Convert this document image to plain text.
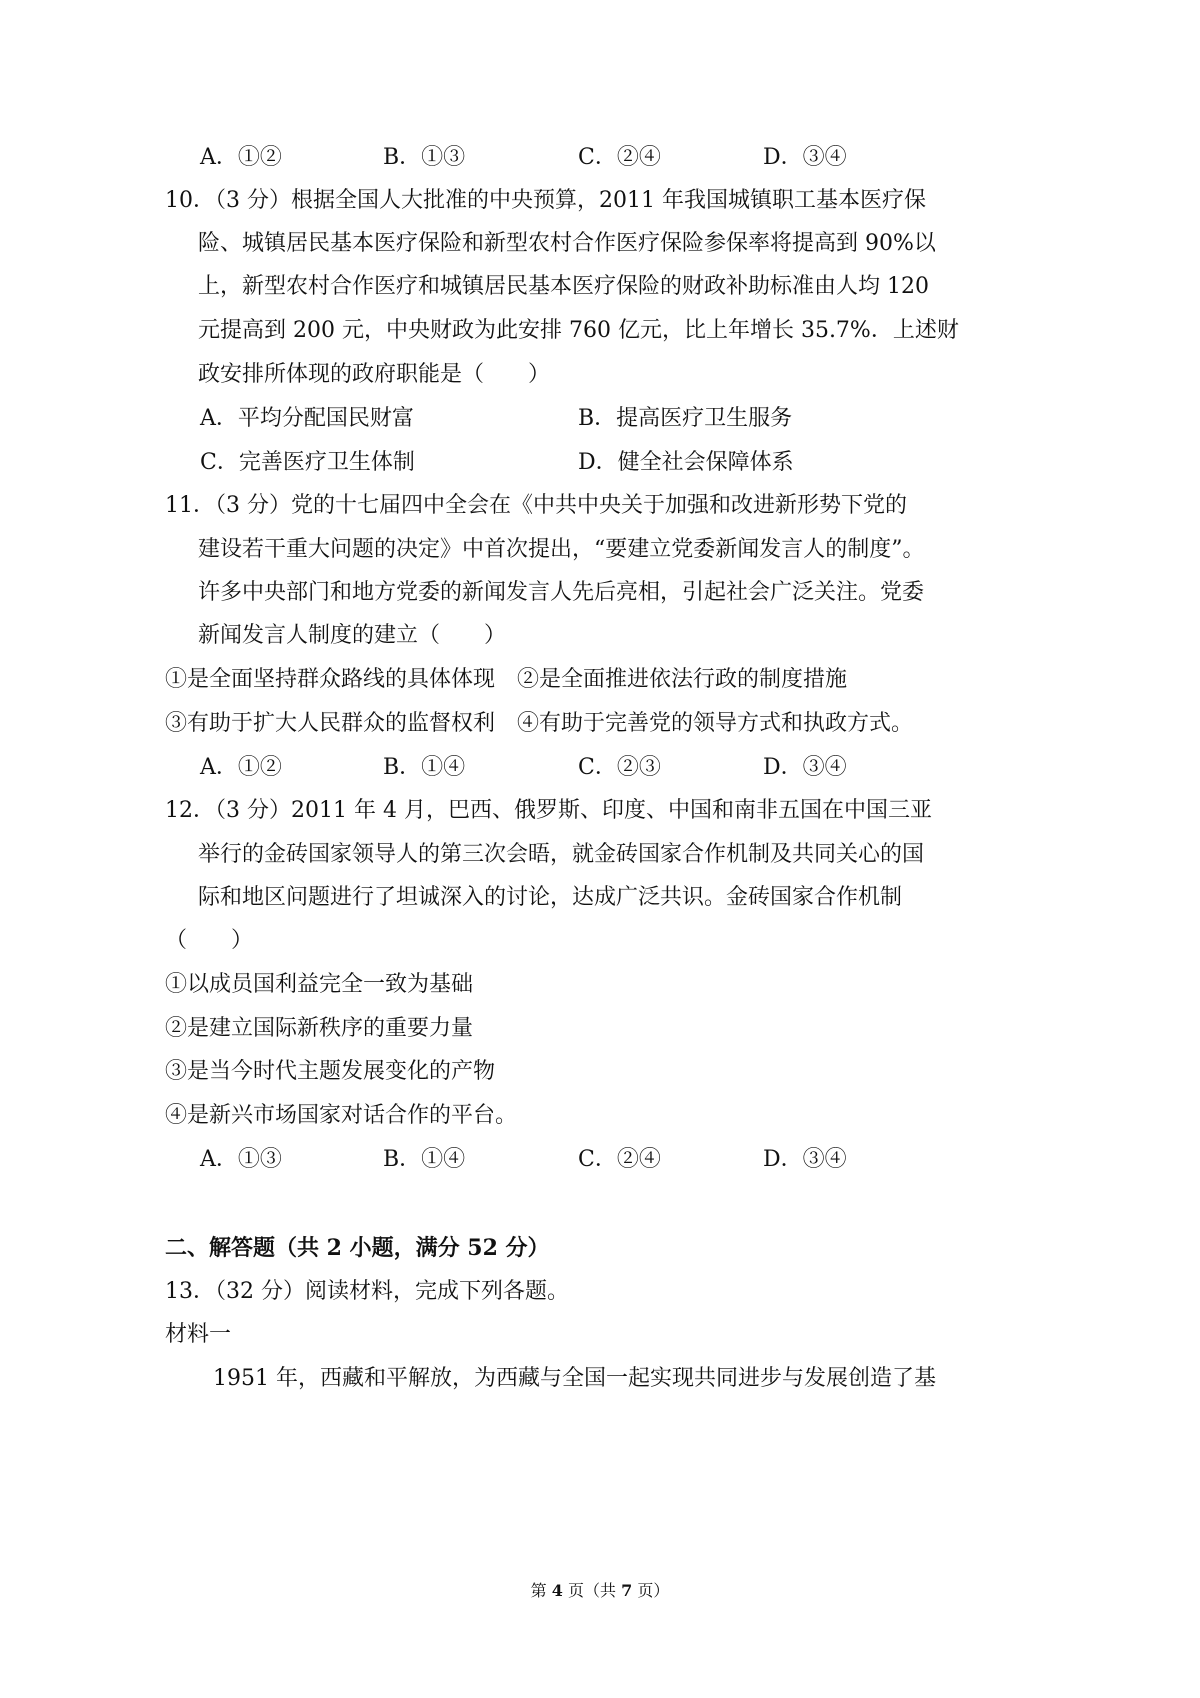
A．①②	B．①③	C．②④	D．③④
10．（3 分）根据全国人大批准的中央预算，2011 年我国城镇职工基本医疗保
险、城镇居民基本医疗保险和新型农村合作医疗保险参保率将提高到 90%以
上，新型农村合作医疗和城镇居民基本医疗保险的财政补助标准由人均 120
元提高到 200 元，中央财政为此安排 760 亿元，比上年增长 35.7%．上述财
政安排所体现的政府职能是（　　）
A．平均分配国民财富	B．提高医疗卫生服务
C．完善医疗卫生体制	D．健全社会保障体系
11．（3 分）党的十七届四中全会在《中共中央关于加强和改进新形势下党的
建设若干重大问题的决定》中首次提出，“要建立党委新闻发言人的制度”。
许多中央部门和地方党委的新闻发言人先后亮相，引起社会广泛关注。党委
新闻发言人制度的建立（　　）
①是全面坚持群众路线的具体体现　②是全面推进依法行政的制度措施
③有助于扩大人民群众的监督权利　④有助于完善党的领导方式和执政方式。
A．①②	B．①④	C．②③	D．③④
12．（3 分）2011 年 4 月，巴西、俄罗斯、印度、中国和南非五国在中国三亚
举行的金砖国家领导人的第三次会晤，就金砖国家合作机制及共同关心的国
际和地区问题进行了坦诚深入的讨论，达成广泛共识。金砖国家合作机制
（　　）
①以成员国利益完全一致为基础
②是建立国际新秩序的重要力量
③是当今时代主题发展变化的产物
④是新兴市场国家对话合作的平台。
A．①③	B．①④	C．②④	D．③④
二、解答题（共 2 小题，满分 52 分）
13．（32 分）阅读材料，完成下列各题。
材料一
1951 年，西藏和平解放，为西藏与全国一起实现共同进步与发展创造了基
第 4 页（共 7 页）
